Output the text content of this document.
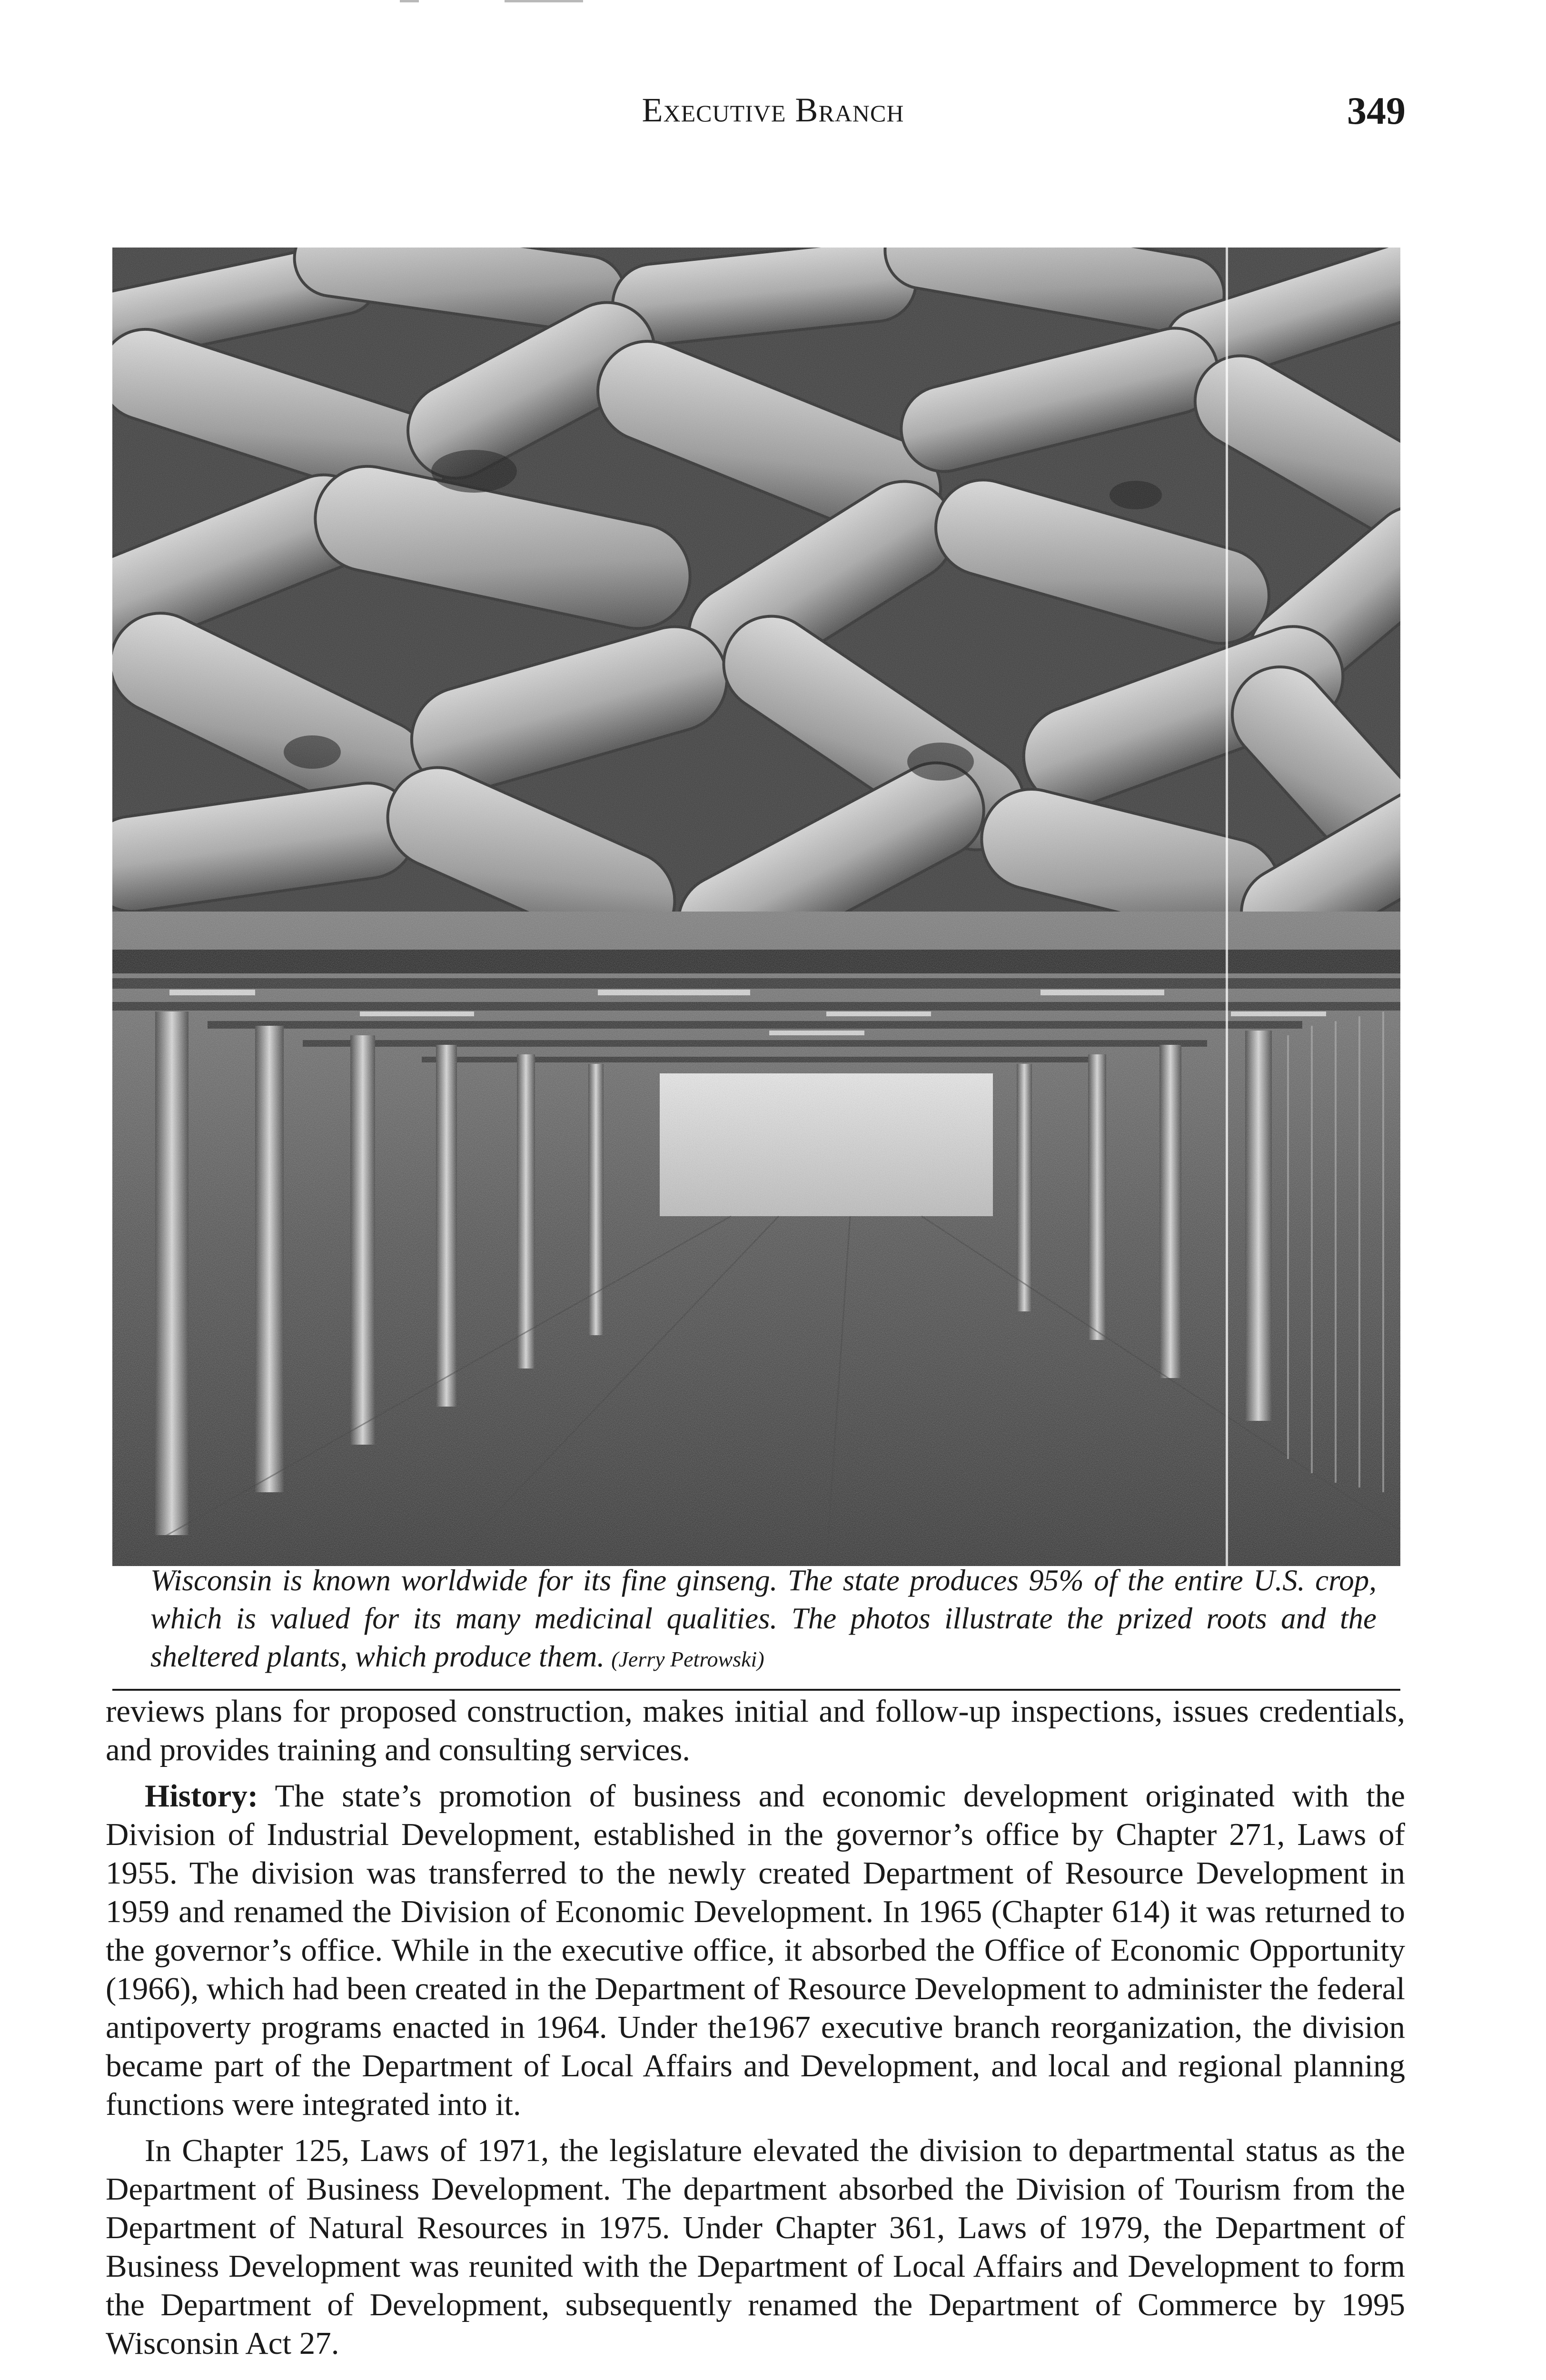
Executive Branch	349
Wisconsin is known worldwide for its fine ginseng. The state produces 95% of the entire U.S. crop, which is valued for its many medicinal qualities. The photos illustrate the prized roots and the sheltered plants, which produce them. (Jerry Petrowski)

reviews plans for proposed construction, makes initial and follow-up inspections, issues credentials, and provides training and consulting services.

History: The state’s promotion of business and economic development originated with the Division of Industrial Development, established in the governor’s office by Chapter 271, Laws of 1955. The division was transferred to the newly created Department of Resource Development in 1959 and renamed the Division of Economic Development. In 1965 (Chapter 614) it was returned to the governor’s office. While in the executive office, it absorbed the Office of Economic Opportunity (1966), which had been created in the Department of Resource Development to administer the federal antipoverty programs enacted in 1964. Under the1967 executive branch reorganization, the division became part of the Department of Local Affairs and Development, and local and regional planning functions were integrated into it.

In Chapter 125, Laws of 1971, the legislature elevated the division to departmental status as the Department of Business Development. The department absorbed the Division of Tourism from the Department of Natural Resources in 1975. Under Chapter 361, Laws of 1979, the Department of Business Development was reunited with the Department of Local Affairs and Development to form the Department of Development, subsequently renamed the Department of Commerce by 1995 Wisconsin Act 27.
